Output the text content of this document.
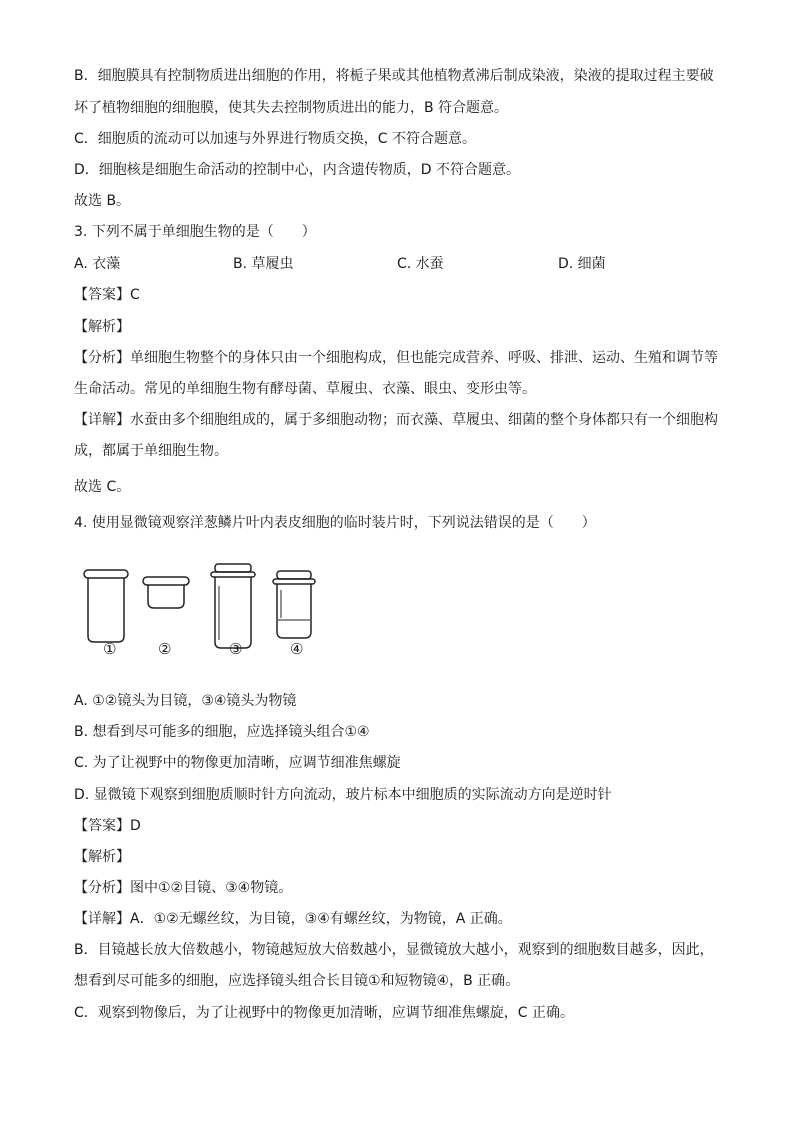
B．细胞膜具有控制物质进出细胞的作用，将栀子果或其他植物煮沸后制成染液，染液的提取过程主要破
坏了植物细胞的细胞膜，使其失去控制物质进出的能力，B 符合题意。
C．细胞质的流动可以加速与外界进行物质交换，C 不符合题意。
D．细胞核是细胞生命活动的控制中心，内含遗传物质，D 不符合题意。
故选 B。
3. 下列不属于单细胞生物的是（　　）
A. 衣藻	B. 草履虫	C. 水蚕	D. 细菌
【答案】C
【解析】
【分析】单细胞生物整个的身体只由一个细胞构成，但也能完成营养、呼吸、排泄、运动、生殖和调节等
生命活动。常见的单细胞生物有酵母菌、草履虫、衣藻、眼虫、变形虫等。
【详解】水蚕由多个细胞组成的，属于多细胞动物；而衣藻、草履虫、细菌的整个身体都只有一个细胞构
成，都属于单细胞生物。
故选 C。
4. 使用显微镜观察洋葱鳞片叶内表皮细胞的临时装片时，下列说法错误的是（　　）
①	②	③	④
A. ①②镜头为目镜，③④镜头为物镜
B. 想看到尽可能多的细胞，应选择镜头组合①④
C. 为了让视野中的物像更加清晰，应调节细准焦螺旋
D. 显微镜下观察到细胞质顺时针方向流动，玻片标本中细胞质的实际流动方向是逆时针
【答案】D
【解析】
【分析】图中①②目镜、③④物镜。
【详解】A．①②无螺丝纹，为目镜，③④有螺丝纹，为物镜，A 正确。
B．目镜越长放大倍数越小，物镜越短放大倍数越小，显微镜放大越小，观察到的细胞数目越多，因此，
想看到尽可能多的细胞，应选择镜头组合长目镜①和短物镜④，B 正确。
C．观察到物像后，为了让视野中的物像更加清晰，应调节细准焦螺旋，C 正确。
